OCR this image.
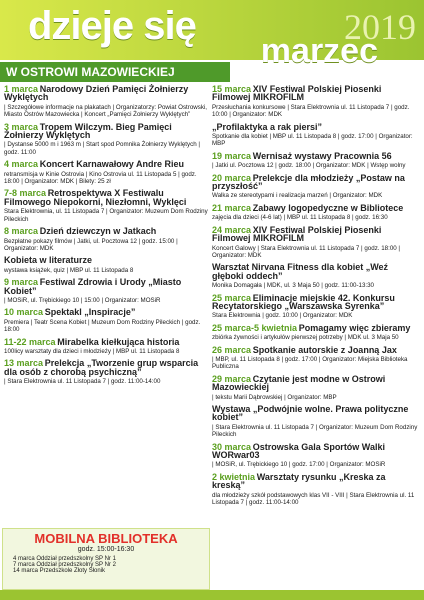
dzieje się	2019
marzec
W OSTROWI MAZOWIECKIEJ
1 marca Narodowy Dzień Pamięci Żołnierzy Wyklętych

| Szczegółowe informacje na plakatach | Organizatorzy: Powiat Ostrowski, Miasto Ostrów Mazowiecka | Koncert „Pamięci Żołnierzy Wyklętych”

3 marca Tropem Wilczym. Bieg Pamięci Żołnierzy Wyklętych

| Dystanse 5000 m i 1963 m | Start spod Pomnika Żołnierzy Wyklętych | godz. 11:00

4 marca Koncert Karnawałowy Andre Rieu

retransmisja w Kinie Ostrovia | Kino Ostrovia ul. 11 Listopada 5 | godz. 18:00 | Organizator: MDK | Bilety: 25 zł

7-8 marca Retrospektywa X Festiwalu Filmowego Niepokorni, Niezłomni, Wyklęci

Stara Elektrownia, ul. 11 Listopada 7 | Organizator: Muzeum Dom Rodziny Pileckich

8 marca Dzień dziewczyn w Jatkach

Bezpłatne pokazy filmów | Jatki, ul. Pocztowa 12 | godz. 15:00 | Organizator: MDK

Kobieta w literaturze

wystawa książek, quiz | MBP ul. 11 Listopada 8

9 marca Festiwal Zdrowia i Urody „Miasto Kobiet”

| MOSiR, ul. Trębickiego 10 | 15:00 | Organizator: MOSiR

10 marca Spektakl „Inspiracje”

Premiera | Teatr Scena Kobiet | Muzeum Dom Rodziny Pileckich | godz. 18:00

11-22 marca Mirabelka kiełkująca historia

100licy warsztaty dla dzieci i młodzieży | MBP ul. 11 Listopada 8

13 marca Prelekcja „Tworzenie grup wsparcia dla osób z chorobą psychiczną”

| Stara Elektrownia ul. 11 Listopada 7 | godz. 11:00-14:00

15 marca XIV Festiwal Polskiej Piosenki Filmowej MIKROFILM

Przesłuchania konkursowe | Stara Elektrownia ul. 11 Listopada 7 | godz. 10:00 | Organizator: MDK

„Profilaktyka a rak piersi”

Spotkanie dla kobiet | MBP ul. 11 Listopada 8 | godz. 17:00 | Organizator: MBP

19 marca Wernisaż wystawy Pracownia 56

| Jatki ul. Pocztowa 12 | godz. 18:00 | Organizator: MDK | Wstęp wolny

20 marca Prelekcje dla młodzieży „Postaw na przyszłość”

Walka ze stereotypami i realizacja marzeń | Organizator: MDK

21 marca Zabawy logopedyczne w Bibliotece

zajęcia dla dzieci (4-6 lat) | MBP ul. 11 Listopada 8 | godz. 16:30

24 marca XIV Festiwal Polskiej Piosenki Filmowej MIKROFILM

Koncert Galowy | Stara Elektrownia ul. 11 Listopada 7 | godz. 18:00 | Organizator: MDK

Warsztat Nirvana Fitness dla kobiet „Weź głęboki oddech”

Monika Domagała | MDK, ul. 3 Maja 50 | godz. 11:00-13:30

25 marca Eliminacje miejskie 42. Konkursu Recytatorskiego „Warszawska Syrenka”

Stara Elektrownia | godz. 10:00 | Organizator: MDK

25 marca-5 kwietnia Pomagamy więc zbieramy

zbiórka żywności i artykułów pierwszej potrzeby | MDK ul. 3 Maja 50

26 marca Spotkanie autorskie z Joanną Jax

| MBP, ul. 11 Listopada 8 | godz. 17:00 | Organizator: Miejska Biblioteka Publiczna

29 marca Czytanie jest modne w Ostrowi Mazowieckiej

| tekstu Marii Dąbrowskiej | Organizator: MBP

Wystawa „Podwójnie wolne. Prawa polityczne kobiet”

| Stara Elektrownia ul. 11 Listopada 7 | Organizator: Muzeum Dom Rodziny Pileckich

30 marca Ostrowska Gala Sportów Walki WORwar03

| MOSiR, ul. Trębickiego 10 | godz. 17:00 | Organizator: MOSiR

2 kwietnia Warsztaty rysunku „Kreska za kreską”

dla młodzieży szkół podstawowych klas VII - VIII | Stara Elektrownia ul. 11 Listopada 7 | godz. 11:00-14:00

MOBILNA BIBLIOTEKA
godz. 15:00-16:30
4 marca Oddział przedszkolny SP Nr 1
7 marca Oddział przedszkolny SP Nr 2
14 marca Przedszkole Złoty Słonik
